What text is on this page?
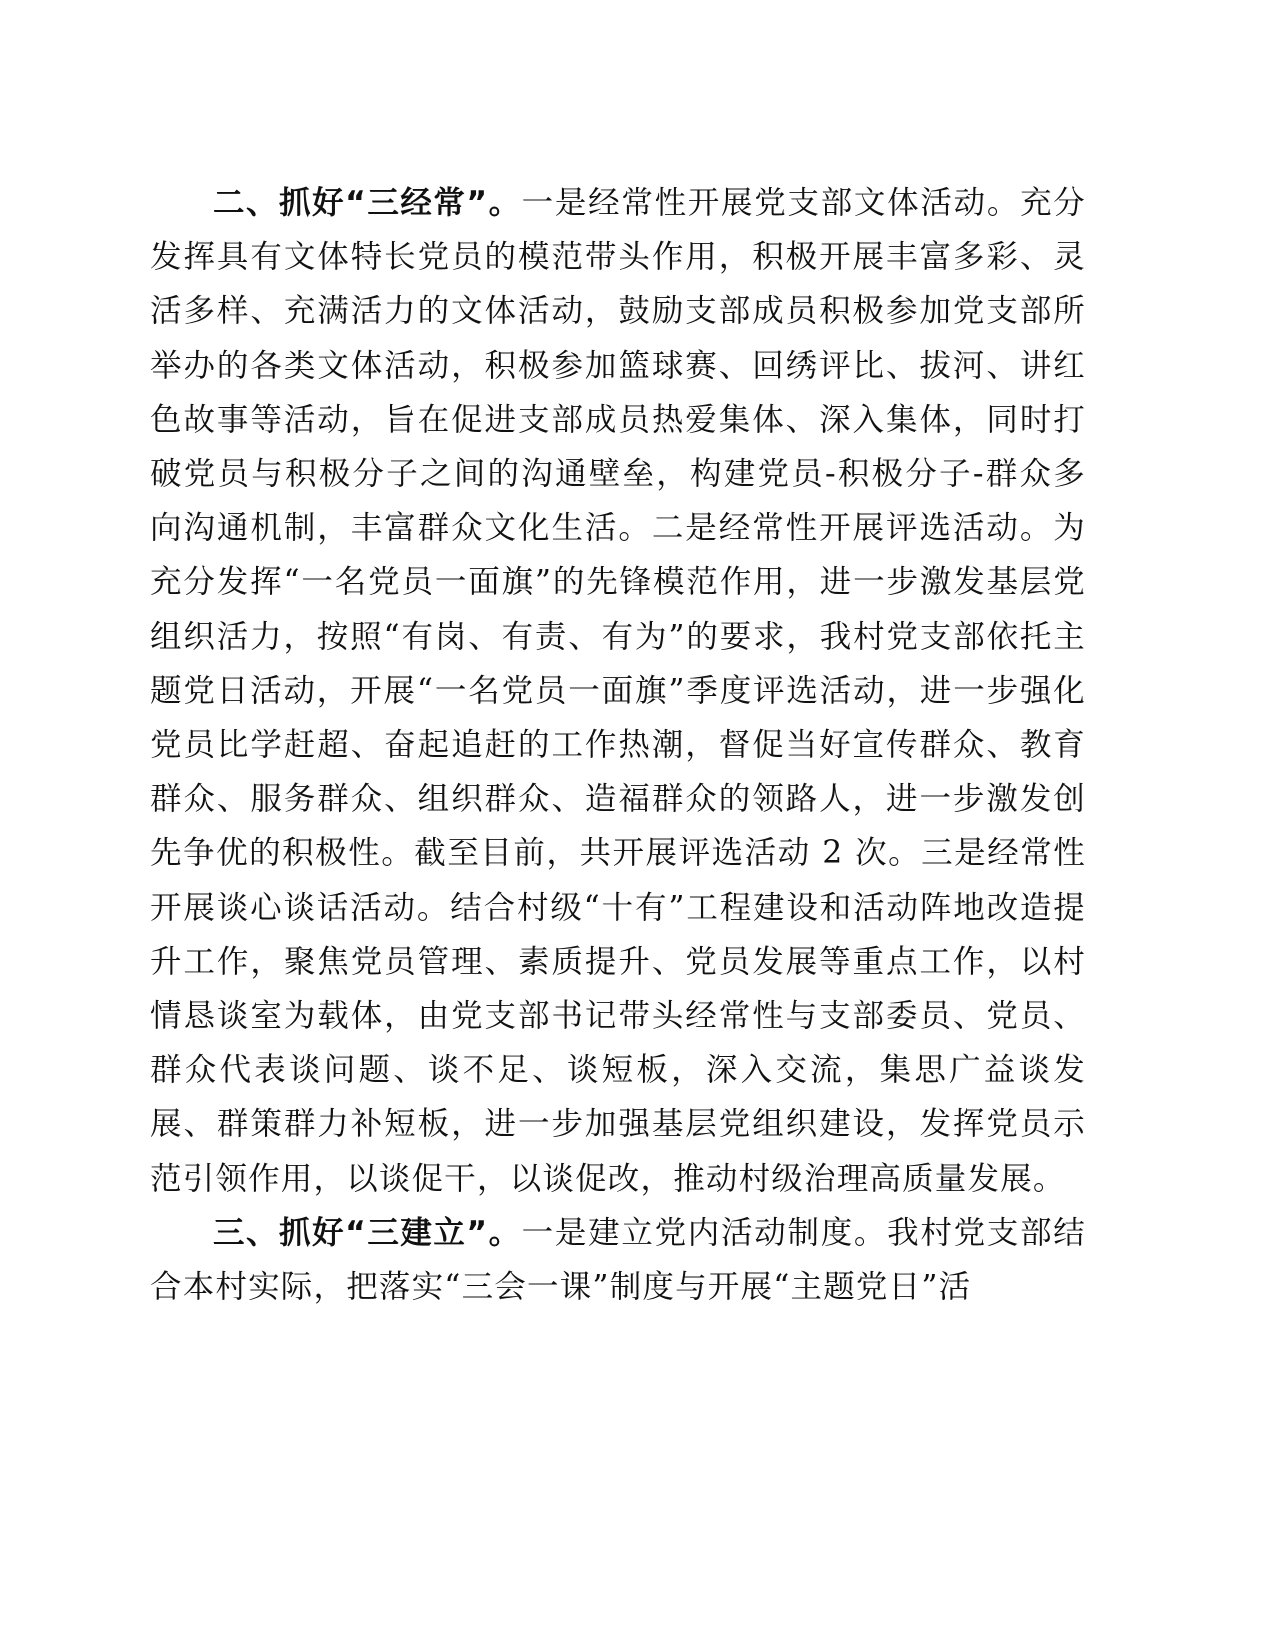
二、抓好“三经常”。一是经常性开展党支部文体活动。充分发挥具有文体特长党员的模范带头作用，积极开展丰富多彩、灵活多样、充满活力的文体活动，鼓励支部成员积极参加党支部所举办的各类文体活动，积极参加篮球赛、回绣评比、拔河、讲红色故事等活动，旨在促进支部成员热爱集体、深入集体，同时打破党员与积极分子之间的沟通壁垒，构建党员-积极分子-群众多向沟通机制，丰富群众文化生活。二是经常性开展评选活动。为充分发挥“一名党员一面旗”的先锋模范作用，进一步激发基层党组织活力，按照“有岗、有责、有为”的要求，我村党支部依托主题党日活动，开展“一名党员一面旗”季度评选活动，进一步强化党员比学赶超、奋起追赶的工作热潮，督促当好宣传群众、教育群众、服务群众、组织群众、造福群众的领路人，进一步激发创先争优的积极性。截至目前，共开展评选活动 2 次。三是经常性开展谈心谈话活动。结合村级“十有”工程建设和活动阵地改造提升工作，聚焦党员管理、素质提升、党员发展等重点工作，以村情恳谈室为载体，由党支部书记带头经常性与支部委员、党员、群众代表谈问题、谈不足、谈短板，深入交流，集思广益谈发展、群策群力补短板，进一步加强基层党组织建设，发挥党员示范引领作用，以谈促干，以谈促改，推动村级治理高质量发展。

三、抓好“三建立”。一是建立党内活动制度。我村党支部结合本村实际，把落实“三会一课”制度与开展“主题党日”活
